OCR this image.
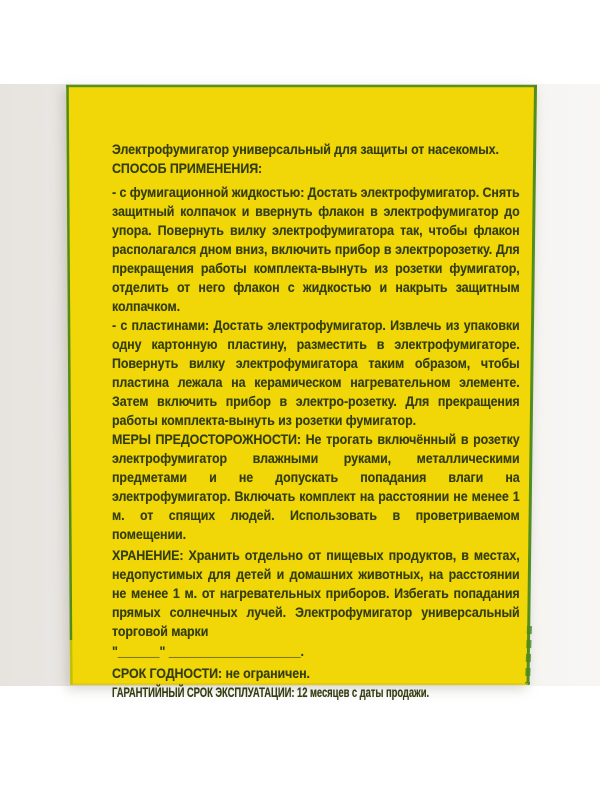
Электрофумигатор универсальный для защиты от насекомых.
СПОСОБ ПРИМЕНЕНИЯ:
- с фумигационной жидкостью: Достать электрофумигатор. Снять защитный колпачок и ввернуть флакон в электрофумигатор до упора. Повернуть вилку электрофумигатора так, чтобы флакон располагался дном вниз, включить прибор в электророзетку. Для прекращения работы комплекта-вынуть из розетки фумигатор, отделить от него флакон с жидкостью и накрыть защитным колпачком.
- с пластинами: Достать электрофумигатор. Извлечь из упаковки одну картонную пластину, разместить в электрофумигаторе. Повернуть вилку электрофумигатора таким образом, чтобы пластина лежала на керамическом нагревательном элементе. Затем включить прибор в электро-розетку. Для прекращения работы комплекта-вынуть из розетки фумигатор.
МЕРЫ ПРЕДОСТОРОЖНОСТИ: Не трогать включённый в розетку электрофумигатор влажными руками, металлическими предметами и не допускать попадания влаги на электрофумигатор. Включать комплект на расстоянии не менее 1 м. от спящих людей. Использовать в проветриваемом помещении.
ХРАНЕНИЕ: Хранить отдельно от пищевых продуктов, в местах, недопустимых для детей и домашних животных, на расстоянии не менее 1 м. от нагревательных приборов. Избегать попадания прямых солнечных лучей. Электрофумигатор универсальный торговой марки
"______" ___________________.
СРОК ГОДНОСТИ: не ограничен.
ГАРАНТИЙНЫЙ СРОК ЭКСПЛУАТАЦИИ: 12 месяцев с даты продажи.
